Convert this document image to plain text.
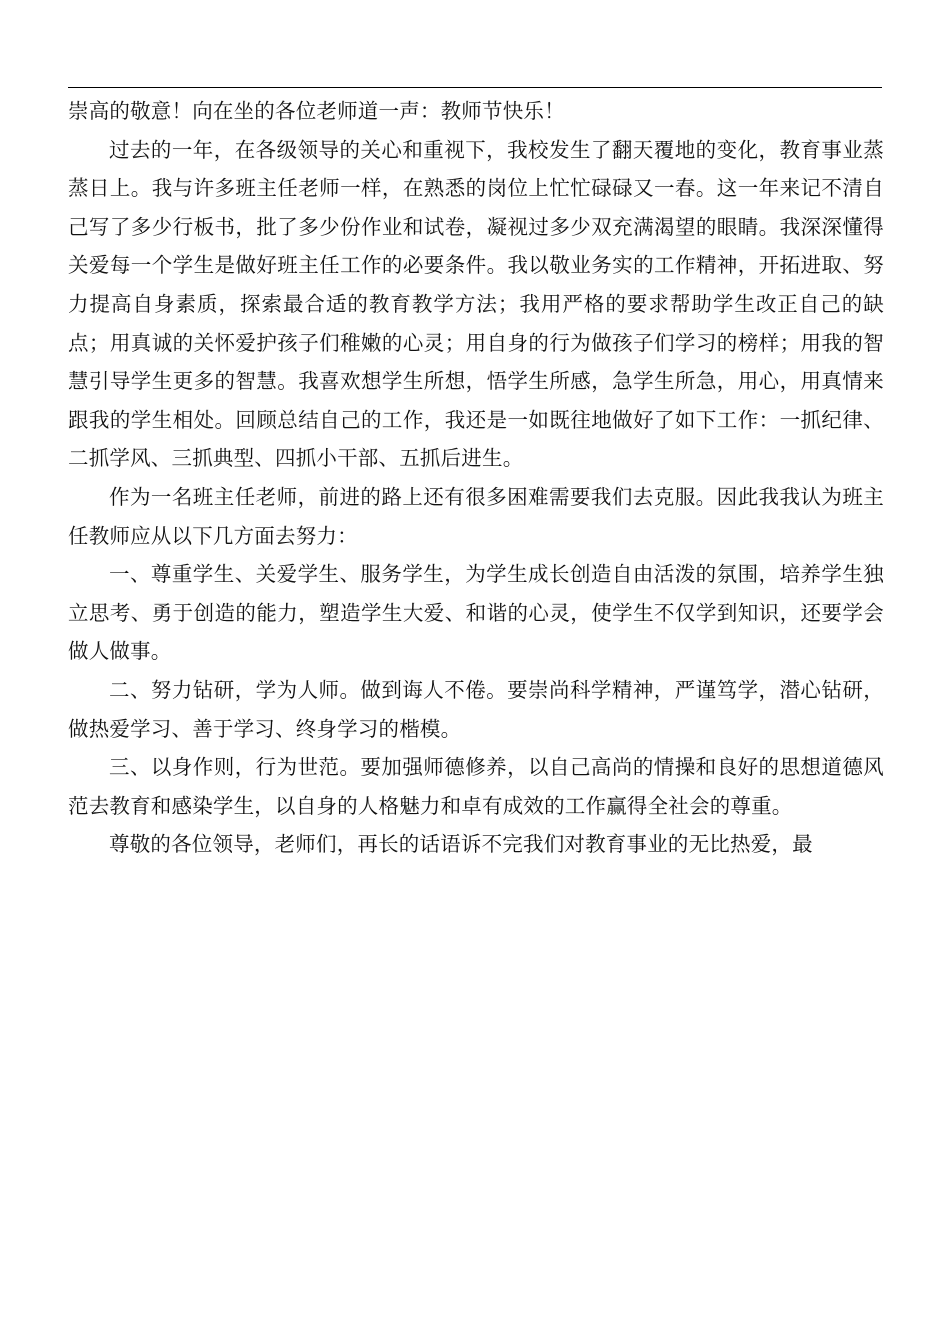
崇高的敬意！向在坐的各位老师道一声：教师节快乐！

过去的一年，在各级领导的关心和重视下，我校发生了翻天覆地的变化，教育事业蒸蒸日上。我与许多班主任老师一样，在熟悉的岗位上忙忙碌碌又一春。这一年来记不清自己写了多少行板书，批了多少份作业和试卷，凝视过多少双充满渴望的眼睛。我深深懂得关爱每一个学生是做好班主任工作的必要条件。我以敬业务实的工作精神，开拓进取、努力提高自身素质，探索最合适的教育教学方法；我用严格的要求帮助学生改正自己的缺点；用真诚的关怀爱护孩子们稚嫩的心灵；用自身的行为做孩子们学习的榜样；用我的智慧引导学生更多的智慧。我喜欢想学生所想，悟学生所感，急学生所急，用心，用真情来跟我的学生相处。回顾总结自己的工作，我还是一如既往地做好了如下工作：一抓纪律、二抓学风、三抓典型、四抓小干部、五抓后进生。

作为一名班主任老师，前进的路上还有很多困难需要我们去克服。因此我我认为班主任教师应从以下几方面去努力：

一、尊重学生、关爱学生、服务学生，为学生成长创造自由活泼的氛围，培养学生独立思考、勇于创造的能力，塑造学生大爱、和谐的心灵，使学生不仅学到知识，还要学会做人做事。

二、努力钻研，学为人师。做到诲人不倦。要崇尚科学精神，严谨笃学，潜心钻研，做热爱学习、善于学习、终身学习的楷模。

三、以身作则，行为世范。要加强师德修养，以自己高尚的情操和良好的思想道德风范去教育和感染学生，以自身的人格魅力和卓有成效的工作赢得全社会的尊重。

尊敬的各位领导，老师们，再长的话语诉不完我们对教育事业的无比热爱，最
